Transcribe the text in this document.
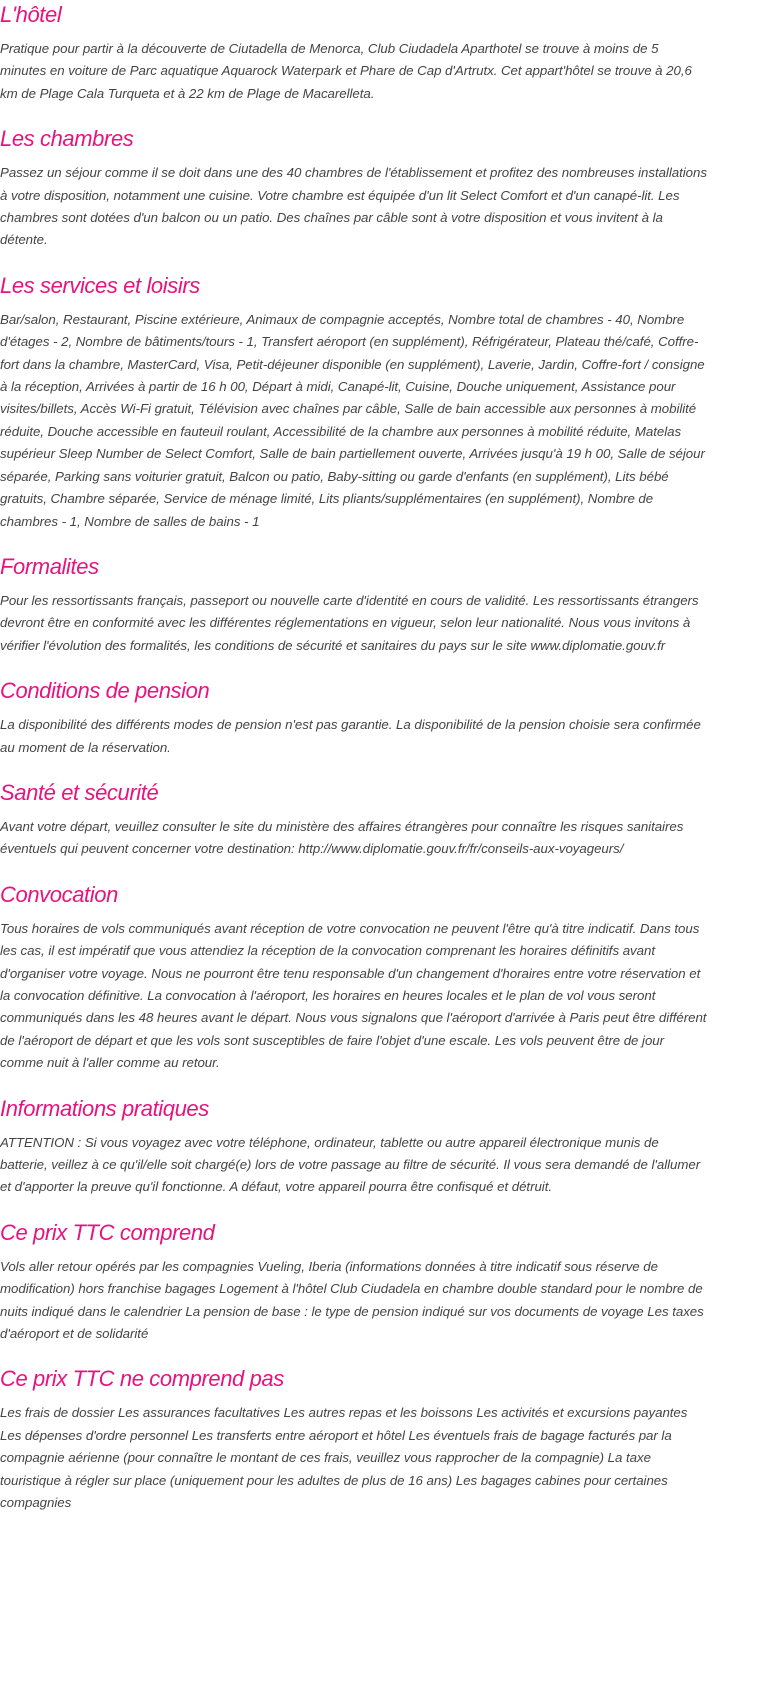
L'hôtel

Pratique pour partir à la découverte de Ciutadella de Menorca, Club Ciudadela Aparthotel se trouve à moins de 5 minutes en voiture de Parc aquatique Aquarock Waterpark et Phare de Cap d'Artrutx. Cet appart'hôtel se trouve à 20,6 km de Plage Cala Turqueta et à 22 km de Plage de Macarelleta.

Les chambres

Passez un séjour comme il se doit dans une des 40 chambres de l'établissement et profitez des nombreuses installations à votre disposition, notamment une cuisine. Votre chambre est équipée d'un lit Select Comfort et d'un canapé-lit. Les chambres sont dotées d'un balcon ou un patio. Des chaînes par câble sont à votre disposition et vous invitent à la détente.

Les services et loisirs

Bar/salon, Restaurant, Piscine extérieure, Animaux de compagnie acceptés, Nombre total de chambres - 40, Nombre d'étages - 2, Nombre de bâtiments/tours - 1, Transfert aéroport (en supplément), Réfrigérateur, Plateau thé/café, Coffre-fort dans la chambre, MasterCard, Visa, Petit-déjeuner disponible (en supplément), Laverie, Jardin, Coffre-fort / consigne à la réception, Arrivées à partir de 16 h 00, Départ à midi, Canapé-lit, Cuisine, Douche uniquement, Assistance pour visites/billets, Accès Wi-Fi gratuit, Télévision avec chaînes par câble, Salle de bain accessible aux personnes à mobilité réduite, Douche accessible en fauteuil roulant, Accessibilité de la chambre aux personnes à mobilité réduite, Matelas supérieur Sleep Number de Select Comfort, Salle de bain partiellement ouverte, Arrivées jusqu'à 19 h 00, Salle de séjour séparée, Parking sans voiturier gratuit, Balcon ou patio, Baby-sitting ou garde d'enfants (en supplément), Lits bébé gratuits, Chambre séparée, Service de ménage limité, Lits pliants/supplémentaires (en supplément), Nombre de chambres - 1, Nombre de salles de bains - 1

Formalites

Pour les ressortissants français, passeport ou nouvelle carte d'identité en cours de validité. Les ressortissants étrangers devront être en conformité avec les différentes réglementations en vigueur, selon leur nationalité. Nous vous invitons à vérifier l'évolution des formalités, les conditions de sécurité et sanitaires du pays sur le site www.diplomatie.gouv.fr

Conditions de pension

La disponibilité des différents modes de pension n'est pas garantie. La disponibilité de la pension choisie sera confirmée au moment de la réservation.

Santé et sécurité

Avant votre départ, veuillez consulter le site du ministère des affaires étrangères pour connaître les risques sanitaires éventuels qui peuvent concerner votre destination: http://www.diplomatie.gouv.fr/fr/conseils-aux-voyageurs/

Convocation

Tous horaires de vols communiqués avant réception de votre convocation ne peuvent l'être qu'à titre indicatif. Dans tous les cas, il est impératif que vous attendiez la réception de la convocation comprenant les horaires définitifs avant d'organiser votre voyage. Nous ne pourront être tenu responsable d'un changement d'horaires entre votre réservation et la convocation définitive. La convocation à l'aéroport, les horaires en heures locales et le plan de vol vous seront communiqués dans les 48 heures avant le départ. Nous vous signalons que l'aéroport d'arrivée à Paris peut être différent de l'aéroport de départ et que les vols sont susceptibles de faire l'objet d'une escale. Les vols peuvent être de jour comme nuit à l'aller comme au retour.

Informations pratiques

ATTENTION : Si vous voyagez avec votre téléphone, ordinateur, tablette ou autre appareil électronique munis de batterie, veillez à ce qu'il/elle soit chargé(e) lors de votre passage au filtre de sécurité. Il vous sera demandé de l'allumer et d'apporter la preuve qu'il fonctionne. A défaut, votre appareil pourra être confisqué et détruit.

Ce prix TTC comprend

Vols aller retour opérés par les compagnies Vueling, Iberia (informations données à titre indicatif sous réserve de modification) hors franchise bagages Logement à l'hôtel Club Ciudadela en chambre double standard pour le nombre de nuits indiqué dans le calendrier La pension de base : le type de pension indiqué sur vos documents de voyage Les taxes d'aéroport et de solidarité

Ce prix TTC ne comprend pas

Les frais de dossier Les assurances facultatives Les autres repas et les boissons Les activités et excursions payantes Les dépenses d'ordre personnel Les transferts entre aéroport et hôtel Les éventuels frais de bagage facturés par la compagnie aérienne (pour connaître le montant de ces frais, veuillez vous rapprocher de la compagnie) La taxe touristique à régler sur place (uniquement pour les adultes de plus de 16 ans) Les bagages cabines pour certaines compagnies
